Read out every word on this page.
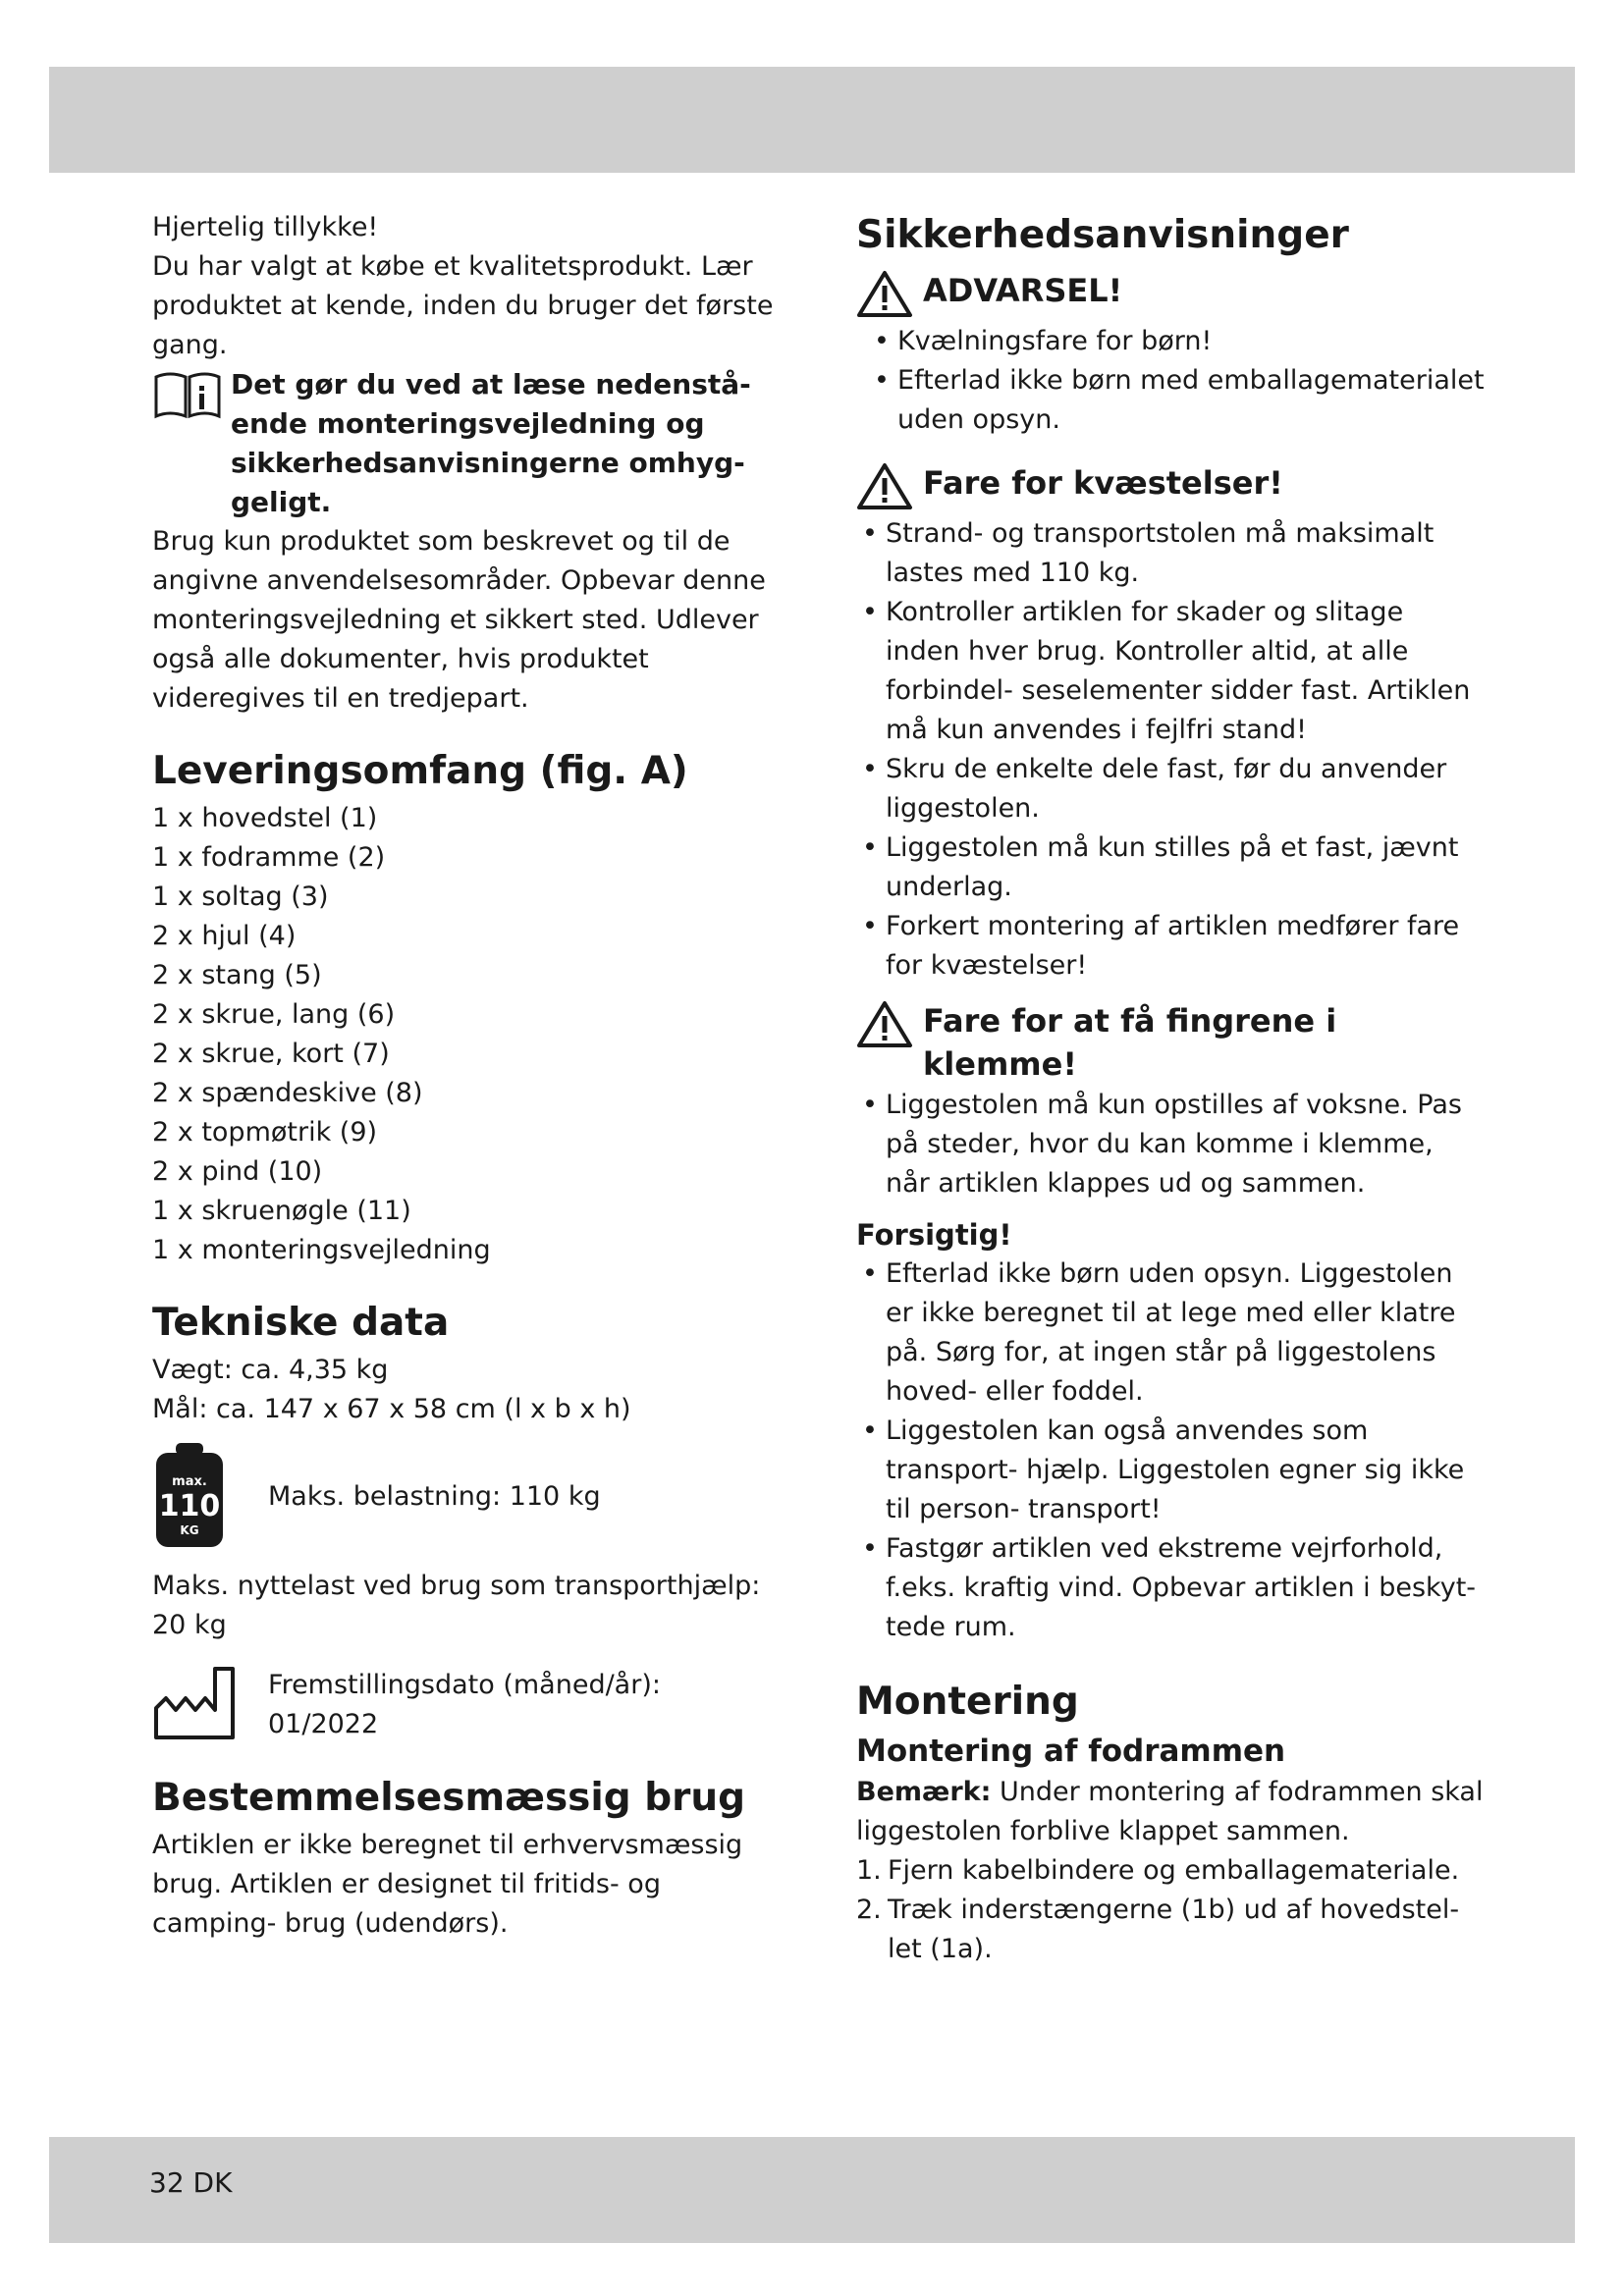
Hjertelig tillykke!

Du har valgt at købe et kvalitetsprodukt. Lær produktet at kende, inden du bruger det første gang.

Det gør du ved at læse nedenstå- ende monteringsvejledning og sikkerhedsanvisningerne omhyg- geligt.

Brug kun produktet som beskrevet og til de angivne anvendelsesområder. Opbevar denne monteringsvejledning et sikkert sted. Udlever også alle dokumenter, hvis produktet videregives til en tredjepart.

Leveringsomfang (fig. A)
1 x hovedstel (1)
1 x fodramme (2)
1 x soltag (3)
2 x hjul (4)
2 x stang (5)
2 x skrue, lang (6)
2 x skrue, kort (7)
2 x spændeskive (8)
2 x topmøtrik (9)
2 x pind (10)
1 x skruenøgle (11)
1 x monteringsvejledning
Tekniske data
Vægt: ca. 4,35 kg
Mål: ca. 147 x 67 x 58 cm (l x b x h)
max.
110
KG
Maks. belastning: 110 kg

Maks. nyttelast ved brug som transporthjælp: 20 kg

Fremstillingsdato (måned/år):
01/2022
Bestemmelsesmæssig brug

Artiklen er ikke beregnet til erhvervsmæssig brug. Artiklen er designet til fritids- og camping- brug (udendørs).

Sikkerhedsanvisninger
ADVARSEL!
• Kvælningsfare for børn!
• Efterlad ikke børn med emballagematerialet uden opsyn.
Fare for kvæstelser!
• Strand- og transportstolen må maksimalt lastes med 110 kg.
• Kontroller artiklen for skader og slitage inden hver brug. Kontroller altid, at alle forbindel- seselementer sidder fast. Artiklen må kun anvendes i fejlfri stand!
• Skru de enkelte dele fast, før du anvender liggestolen.
• Liggestolen må kun stilles på et fast, jævnt underlag.
• Forkert montering af artiklen medfører fare for kvæstelser!
Fare for at få fingrene i klemme!
• Liggestolen må kun opstilles af voksne. Pas på steder, hvor du kan komme i klemme, når artiklen klappes ud og sammen.
Forsigtig!
• Efterlad ikke børn uden opsyn. Liggestolen er ikke beregnet til at lege med eller klatre på. Sørg for, at ingen står på liggestolens hoved- eller foddel.
• Liggestolen kan også anvendes som transport- hjælp. Liggestolen egner sig ikke til person- transport!
• Fastgør artiklen ved ekstreme vejrforhold, f.eks. kraftig vind. Opbevar artiklen i beskyt- tede rum.
Montering
Montering af fodrammen

Bemærk: Under montering af fodrammen skal liggestolen forblive klappet sammen.

1. Fjern kabelbindere og emballagemateriale.
2. Træk inderstængerne (1b) ud af hovedstel- let (1a).
32 DK
